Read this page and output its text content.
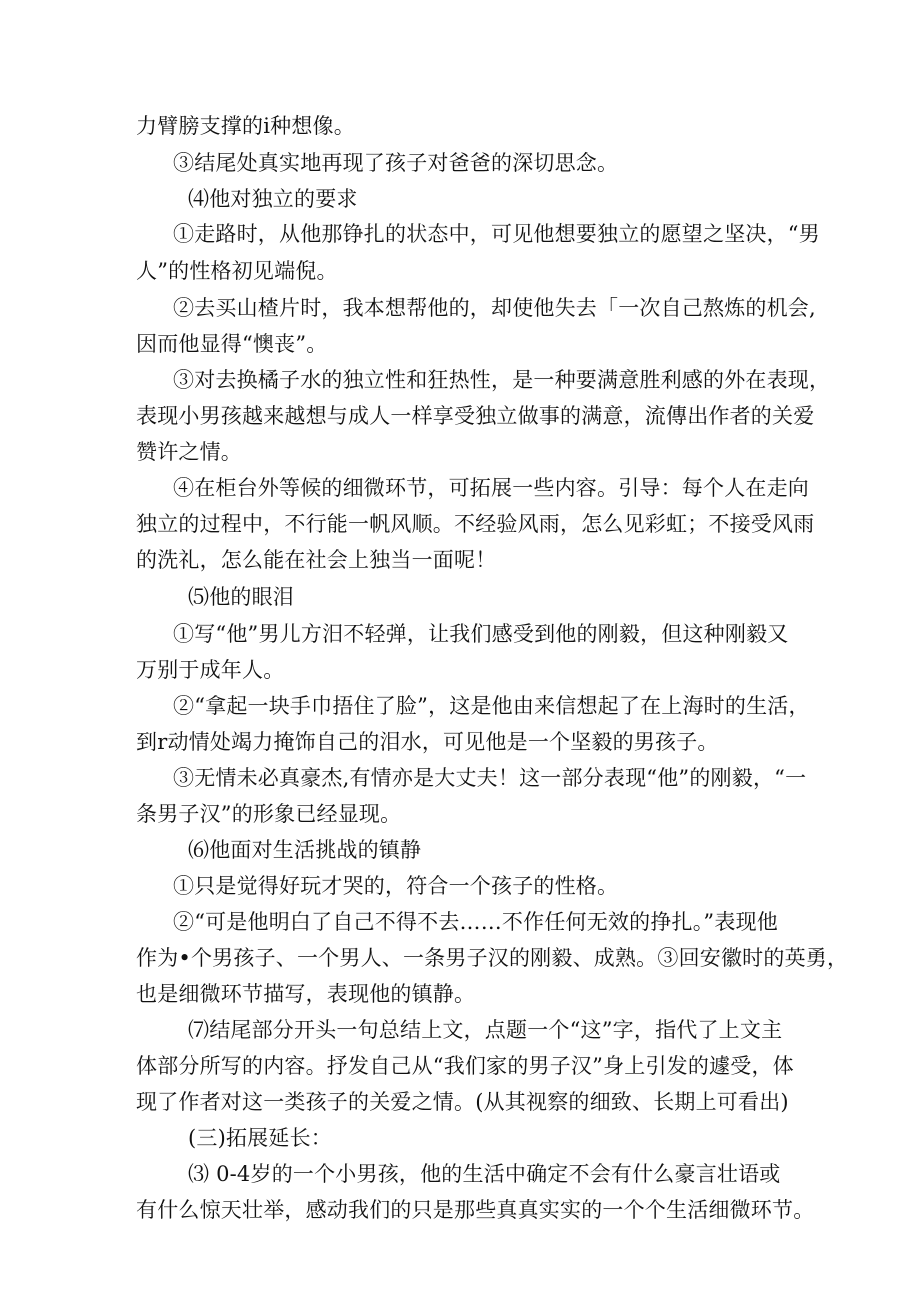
力臂膀支撑的i种想像。
③结尾处真实地再现了孩子对爸爸的深切思念。
⑷他对独立的要求
①走路时，从他那铮扎的状态中，可见他想要独立的愿望之坚决，“男
人”的性格初见端倪。
②去买山楂片时，我本想帮他的，却使他失去「一次自己熬炼的机会,
因而他显得“懊丧”。
③对去换橘子水的独立性和狂热性，是一种要满意胜利感的外在表现，
表现小男孩越来越想与成人一样享受独立做事的满意，流傳出作者的关爱
赞许之情。
④在柜台外等候的细微环节，可拓展一些内容。引导：每个人在走向
独立的过程中，不行能一帆风顺。不经验风雨，怎么见彩虹；不接受风雨
的洗礼，怎么能在社会上独当一面呢！
⑸他的眼泪
①写“他”男儿方汨不轻弹，让我们感受到他的刚毅，但这种刚毅又
万别于成年人。
②“拿起一块手巾捂住了脸”，这是他由来信想起了在上海时的生活，
到r动情处竭力掩饰自己的泪水，可见他是一个坚毅的男孩子。
③无情未必真豪杰,有情亦是大丈夫！这一部分表现“他”的刚毅，“一
条男子汉”的形象已经显现。
⑹他面对生活挑战的镇静
①只是觉得好玩才哭的，符合一个孩子的性格。
②“可是他明白了自己不得不去……不作任何无效的挣扎。”表现他
作为•个男孩子、一个男人、一条男子汉的刚毅、成熟。③回安徽时的英勇，
也是细微环节描写，表现他的镇静。
⑺结尾部分开头一句总结上文，点题一个“这”字，指代了上文主
体部分所写的内容。抒发自己从“我们家的男子汉”身上引发的遽受，体
现了作者对这一类孩子的关爱之情。(从其视察的细致、长期上可看出)
(三)拓展延长：
⑶ 0-4岁的一个小男孩，他的生活中确定不会有什么豪言壮语或
有什么惊天壮举，感动我们的只是那些真真实实的一个个生活细微环节。
